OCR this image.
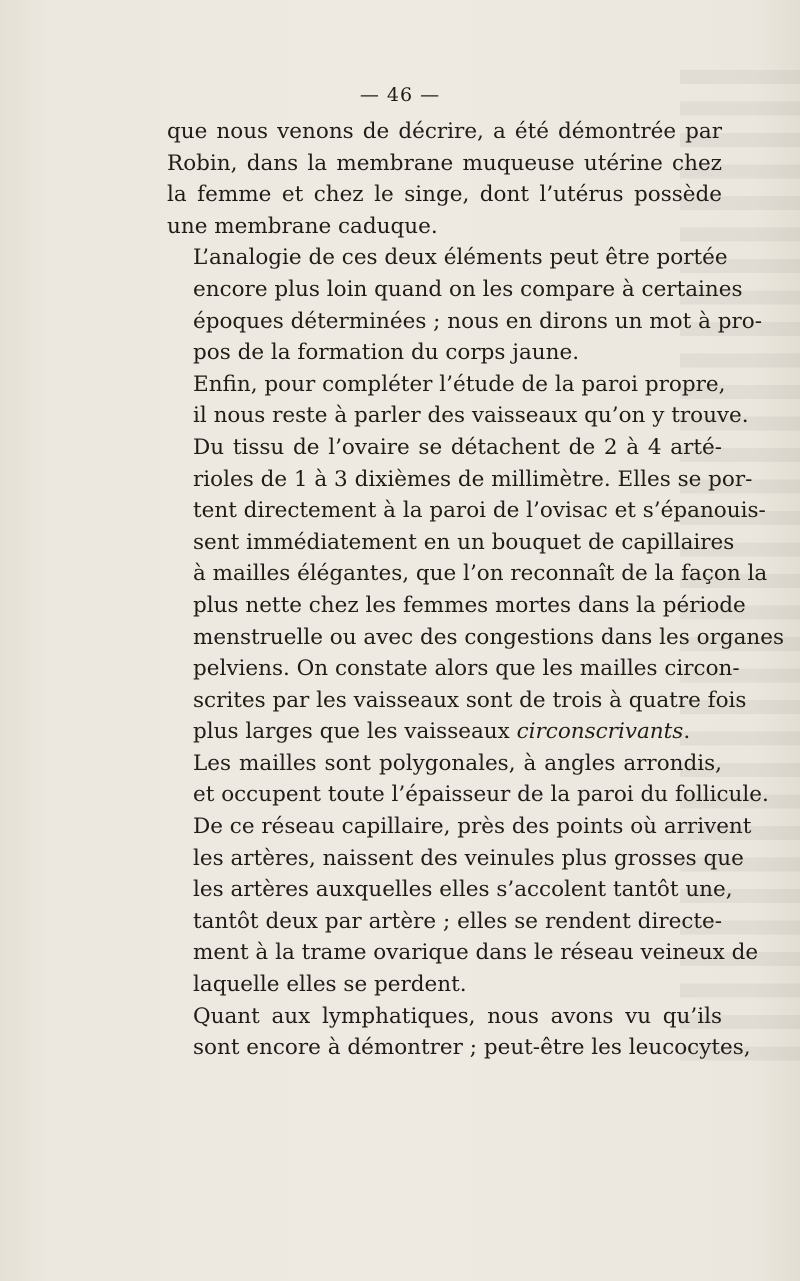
— 46 —

que nous venons de décrire, a été démontrée par
Robin, dans la membrane muqueuse utérine chez
la femme et chez le singe, dont l’utérus possède
une membrane caduque.

L’analogie de ces deux éléments peut être portée
encore plus loin quand on les compare à certaines
époques déterminées ; nous en dirons un mot à pro-
pos de la formation du corps jaune.

Enfin, pour compléter l’étude de la paroi propre,
il nous reste à parler des vaisseaux qu’on y trouve.

Du tissu de l’ovaire se détachent de 2 à 4 arté-
rioles de 1 à 3 dixièmes de millimètre. Elles se por-
tent directement à la paroi de l’ovisac et s’épanouis-
sent immédiatement en un bouquet de capillaires
à mailles élégantes, que l’on reconnaît de la façon la
plus nette chez les femmes mortes dans la période
menstruelle ou avec des congestions dans les organes
pelviens. On constate alors que les mailles circon-
scrites par les vaisseaux sont de trois à quatre fois
plus larges que les vaisseaux circonscrivants.

Les mailles sont polygonales, à angles arrondis,
et occupent toute l’épaisseur de la paroi du follicule.
De ce réseau capillaire, près des points où arrivent
les artères, naissent des veinules plus grosses que
les artères auxquelles elles s’accolent tantôt une,
tantôt deux par artère ; elles se rendent directe-
ment à la trame ovarique dans le réseau veineux de
laquelle elles se perdent.

Quant aux lymphatiques, nous avons vu qu’ils
sont encore à démontrer ; peut-être les leucocytes,
